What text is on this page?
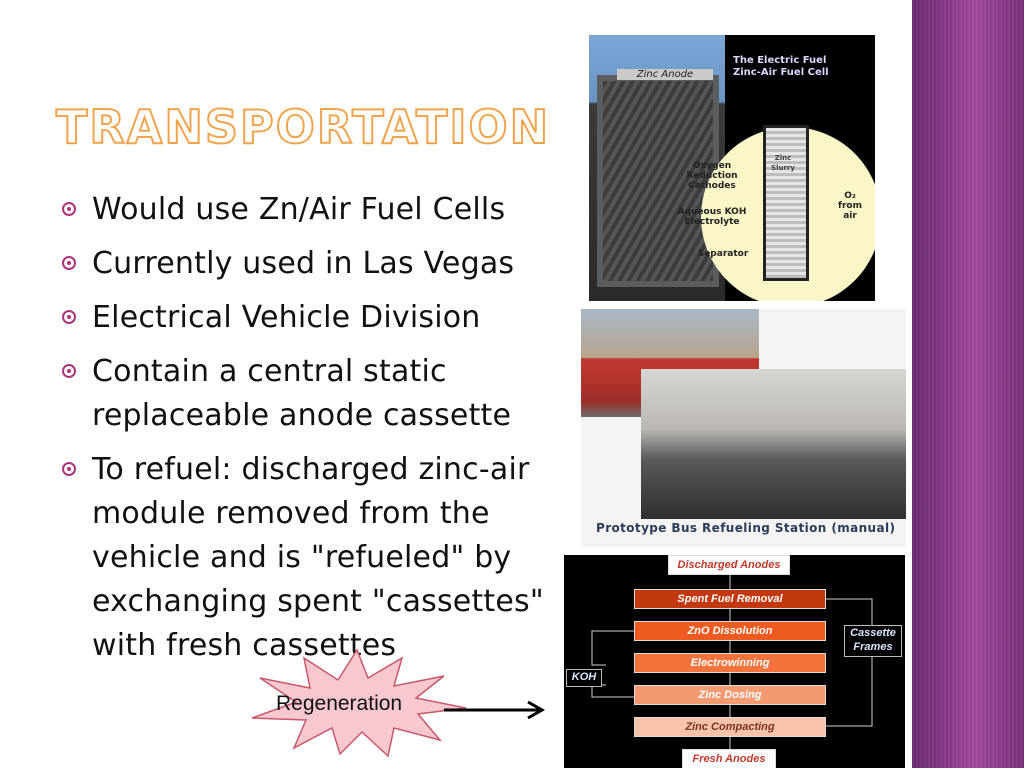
TRANSPORTATION
Would use Zn/Air Fuel Cells
Currently used in Las Vegas
Electrical Vehicle Division
Contain a central static replaceable anode cassette
To refuel: discharged zinc-air module removed from the vehicle and is "refueled" by exchanging spent "cassettes" with fresh cassettes
Zinc Anode
The Electric Fuel
Zinc-Air Fuel Cell
Oxygen Reduction Cathodes
Aqueous KOH Electrolyte
Separator
O₂ from air
Zinc Slurry
Prototype Bus Refueling Station (manual)
Discharged Anodes
Spent Fuel Removal
ZnO Dissolution
Electrowinning
Zinc Dosing
Zinc Compacting
Fresh Anodes
KOH
Cassette Frames
Regeneration
